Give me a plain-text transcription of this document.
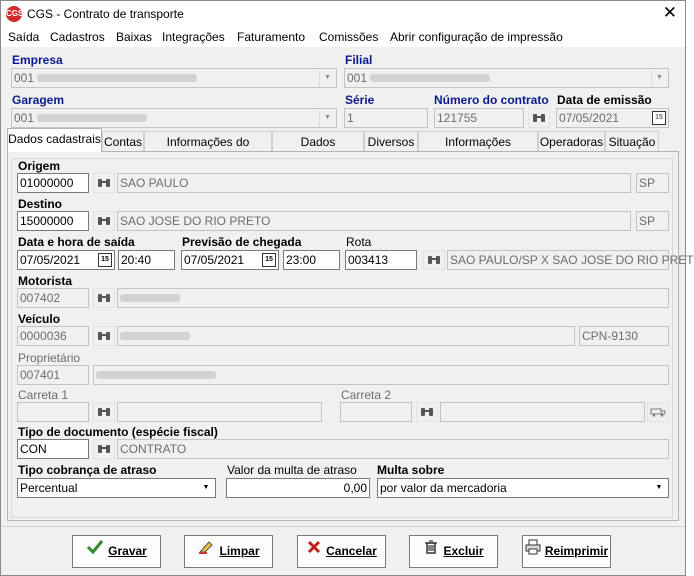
CGS CGS - Contrato de transporte	✕
Saída Cadastros Baixas Integrações Faturamento Comissões Abrir configuração de impressão
Empresa
001	▼
Filial
001	▼
Garagem
001	▼
Série
1
Número do contrato
121755
Data de emissão
07/05/2021	15
Dados cadastrais Contas	Informações do	Dados	Diversos	Informações	Operadoras Situação
Origem
01000000	SAO PAULO	SP
Destino
15000000	SAO JOSE DO RIO PRETO	SP
Data e hora de saída
07/05/2021	15 20:40
Previsão de chegada
07/05/2021	15 23:00
Rota
003413	SAO PAULO/SP X SAO JOSE DO RIO PRET
Motorista
007402
Veículo
0000036	CPN-9130
Proprietário
007401
Carreta 1	Carreta 2
Tipo de documento (espécie fiscal)
CON	CONTRATO
Tipo cobrança de atraso
Percentual	▼
Valor da multa de atraso
0,00
Multa sobre
por valor da mercadoria	▼
Gravar	Limpar	Cancelar	Excluir	Reimprimir
